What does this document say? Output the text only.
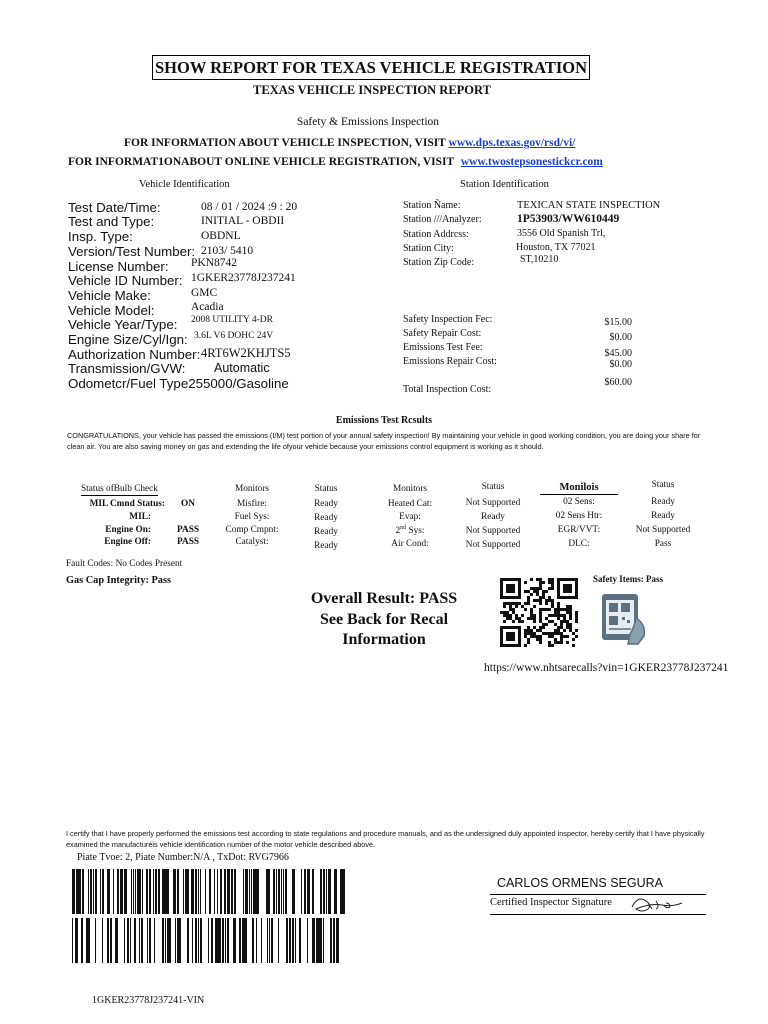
SHOW REPORT FOR TEXAS VEHICLE REGISTRATION
TEXAS VEHICLE INSPECTION REPORT
Safety & Emissions Inspection
FOR INFORMATION ABOUT VEHICLE INSPECTION, VISIT www.dps.texas.gov/rsd/vi/
FOR INFORMAT1ONABOUT ONLINE VEHICLE REGISTRATION, VISIT www.twostepsonestickcr.com
Vehicle Identification	Station Identification
Test Date/Time:	08 / 01 / 2024 :9 : 20
Test and Type:	INITIAL - OBDII
Insp. Type:	OBDNL
Version/Test Number: 2103/ 5410
License Number: PKN8742
Vehicle ID Number: 1GKER23778J237241
Vehicle Make:	GMC
Vehicle Model:	Acadia
Vehicle Year/Type: 2008 UTILITY 4-DR
Engine Size/Cyl/Ign: 3.6L V6 DOHC 24V
Authorization Number: 4RT6W2KHJTS5
Transmission/GVW: Automatic
Odometcr/Fuel Type255000/Gasoline
Station Ñame:	TEXICAN STATE INSPECTION
Station ///Analyzer:	1P53903/WW610449
Station Addrcss:	3556 Old Spanish Trl,
Station City:	Houston, TX 77021
Station Zip Code:	ST,10210
Safety Inspection Fec:	$15.00
Safety Repair Cost:	$0.00
Emissions Test Fee:
$45.00
Emissions Repair Cost:	$0.00
Total Inspection Cost:
$60.00
Emissions Test Rcsults
CONGRATULATIONS, your vehicle has passed the emissions (I/M) test portion of your annual safety inspection! By maintaining your vehicle in good working condition, you are doing your share for clean air. You are also saving money on gas and extending the life ofyour vehicle because your emissions control equipment is working as it should.
Status ofBulb Check
MIL Cmnd Status: ON
MIL:
Engine On:	PASS
Engine Off:	PASS
Monitors	Status
Misfire:	Ready
Fuel Sys:	Ready
Comp Cmpnt:	Ready
Catalyst:	Ready
Monitors	Status
Heated Cat:	Not Supported
Evap:	Ready
2nd Sys:	Not Supported
Air Cond:	Not Supported
Monilois	Status
02 Sens:	Ready
02 Sens Htr:	Ready
EGR/VVT:	Not Supported
DLC:	Pass
Fault Codes: No Codes Present
Gas Cap Integrity: Pass
Overall Result: PASS
See Back for Recal
Information
Safety Items: Pass
https://www.nhtsarecalls?vin=1GKER23778J237241
I certify that I have properly performed the emissions test according to state regulations and procedure manuals, and as the undersigned duly appointed inspector, hereby certify that I have physically examined the manufacturéis vehicle identification number of the motor vehicle described above.
Piate Tvoe: 2, Piate Number:N/A , TxDot: RVG7966
CARLOS ORMENS SEGURA
Certified Inspector Signature
1GKER23778J237241-VIN
